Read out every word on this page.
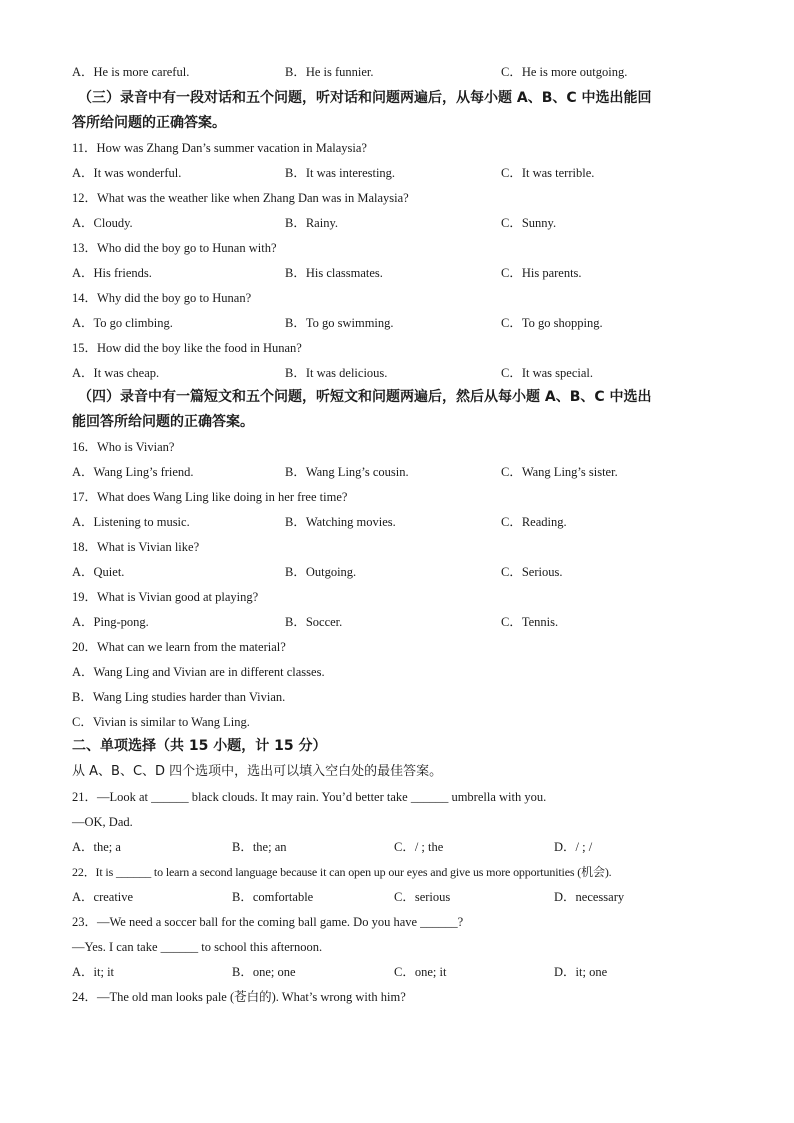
A．He is more careful.	B．He is funnier.	C．He is more outgoing.
（三）录音中有一段对话和五个问题，听对话和问题两遍后，从每小题 A、B、C 中选出能回
答所给问题的正确答案。
11．How was Zhang Dan’s summer vacation in Malaysia?
A．It was wonderful.	B．It was interesting.	C．It was terrible.
12．What was the weather like when Zhang Dan was in Malaysia?
A．Cloudy.	B．Rainy.	C．Sunny.
13．Who did the boy go to Hunan with?
A．His friends.	B．His classmates.	C．His parents.
14．Why did the boy go to Hunan?
A．To go climbing.	B．To go swimming.	C．To go shopping.
15．How did the boy like the food in Hunan?
A．It was cheap.	B．It was delicious.	C．It was special.
（四）录音中有一篇短文和五个问题，听短文和问题两遍后，然后从每小题 A、B、C 中选出
能回答所给问题的正确答案。
16．Who is Vivian?
A．Wang Ling’s friend.	B．Wang Ling’s cousin.	C．Wang Ling’s sister.
17．What does Wang Ling like doing in her free time?
A．Listening to music.	B．Watching movies.	C．Reading.
18．What is Vivian like?
A．Quiet.	B．Outgoing.	C．Serious.
19．What is Vivian good at playing?
A．Ping-pong.	B．Soccer.	C．Tennis.
20．What can we learn from the material?
A．Wang Ling and Vivian are in different classes.
B．Wang Ling studies harder than Vivian.
C．Vivian is similar to Wang Ling.
二、单项选择（共 15 小题，计 15 分）
从 A、B、C、D 四个选项中，选出可以填入空白处的最佳答案。
21．—Look at ______ black clouds. It may rain. You’d better take ______ umbrella with you.
—OK, Dad.
A．the; a	B．the; an	C．/ ; the	D．/ ; /
22．It is ______ to learn a second language because it can open up our eyes and give us more opportunities (机会).
A．creative	B．comfortable	C．serious	D．necessary
23．—We need a soccer ball for the coming ball game. Do you have ______?
—Yes. I can take ______ to school this afternoon.
A．it; it	B．one; one	C．one; it	D．it; one
24．—The old man looks pale (苍白的). What’s wrong with him?
